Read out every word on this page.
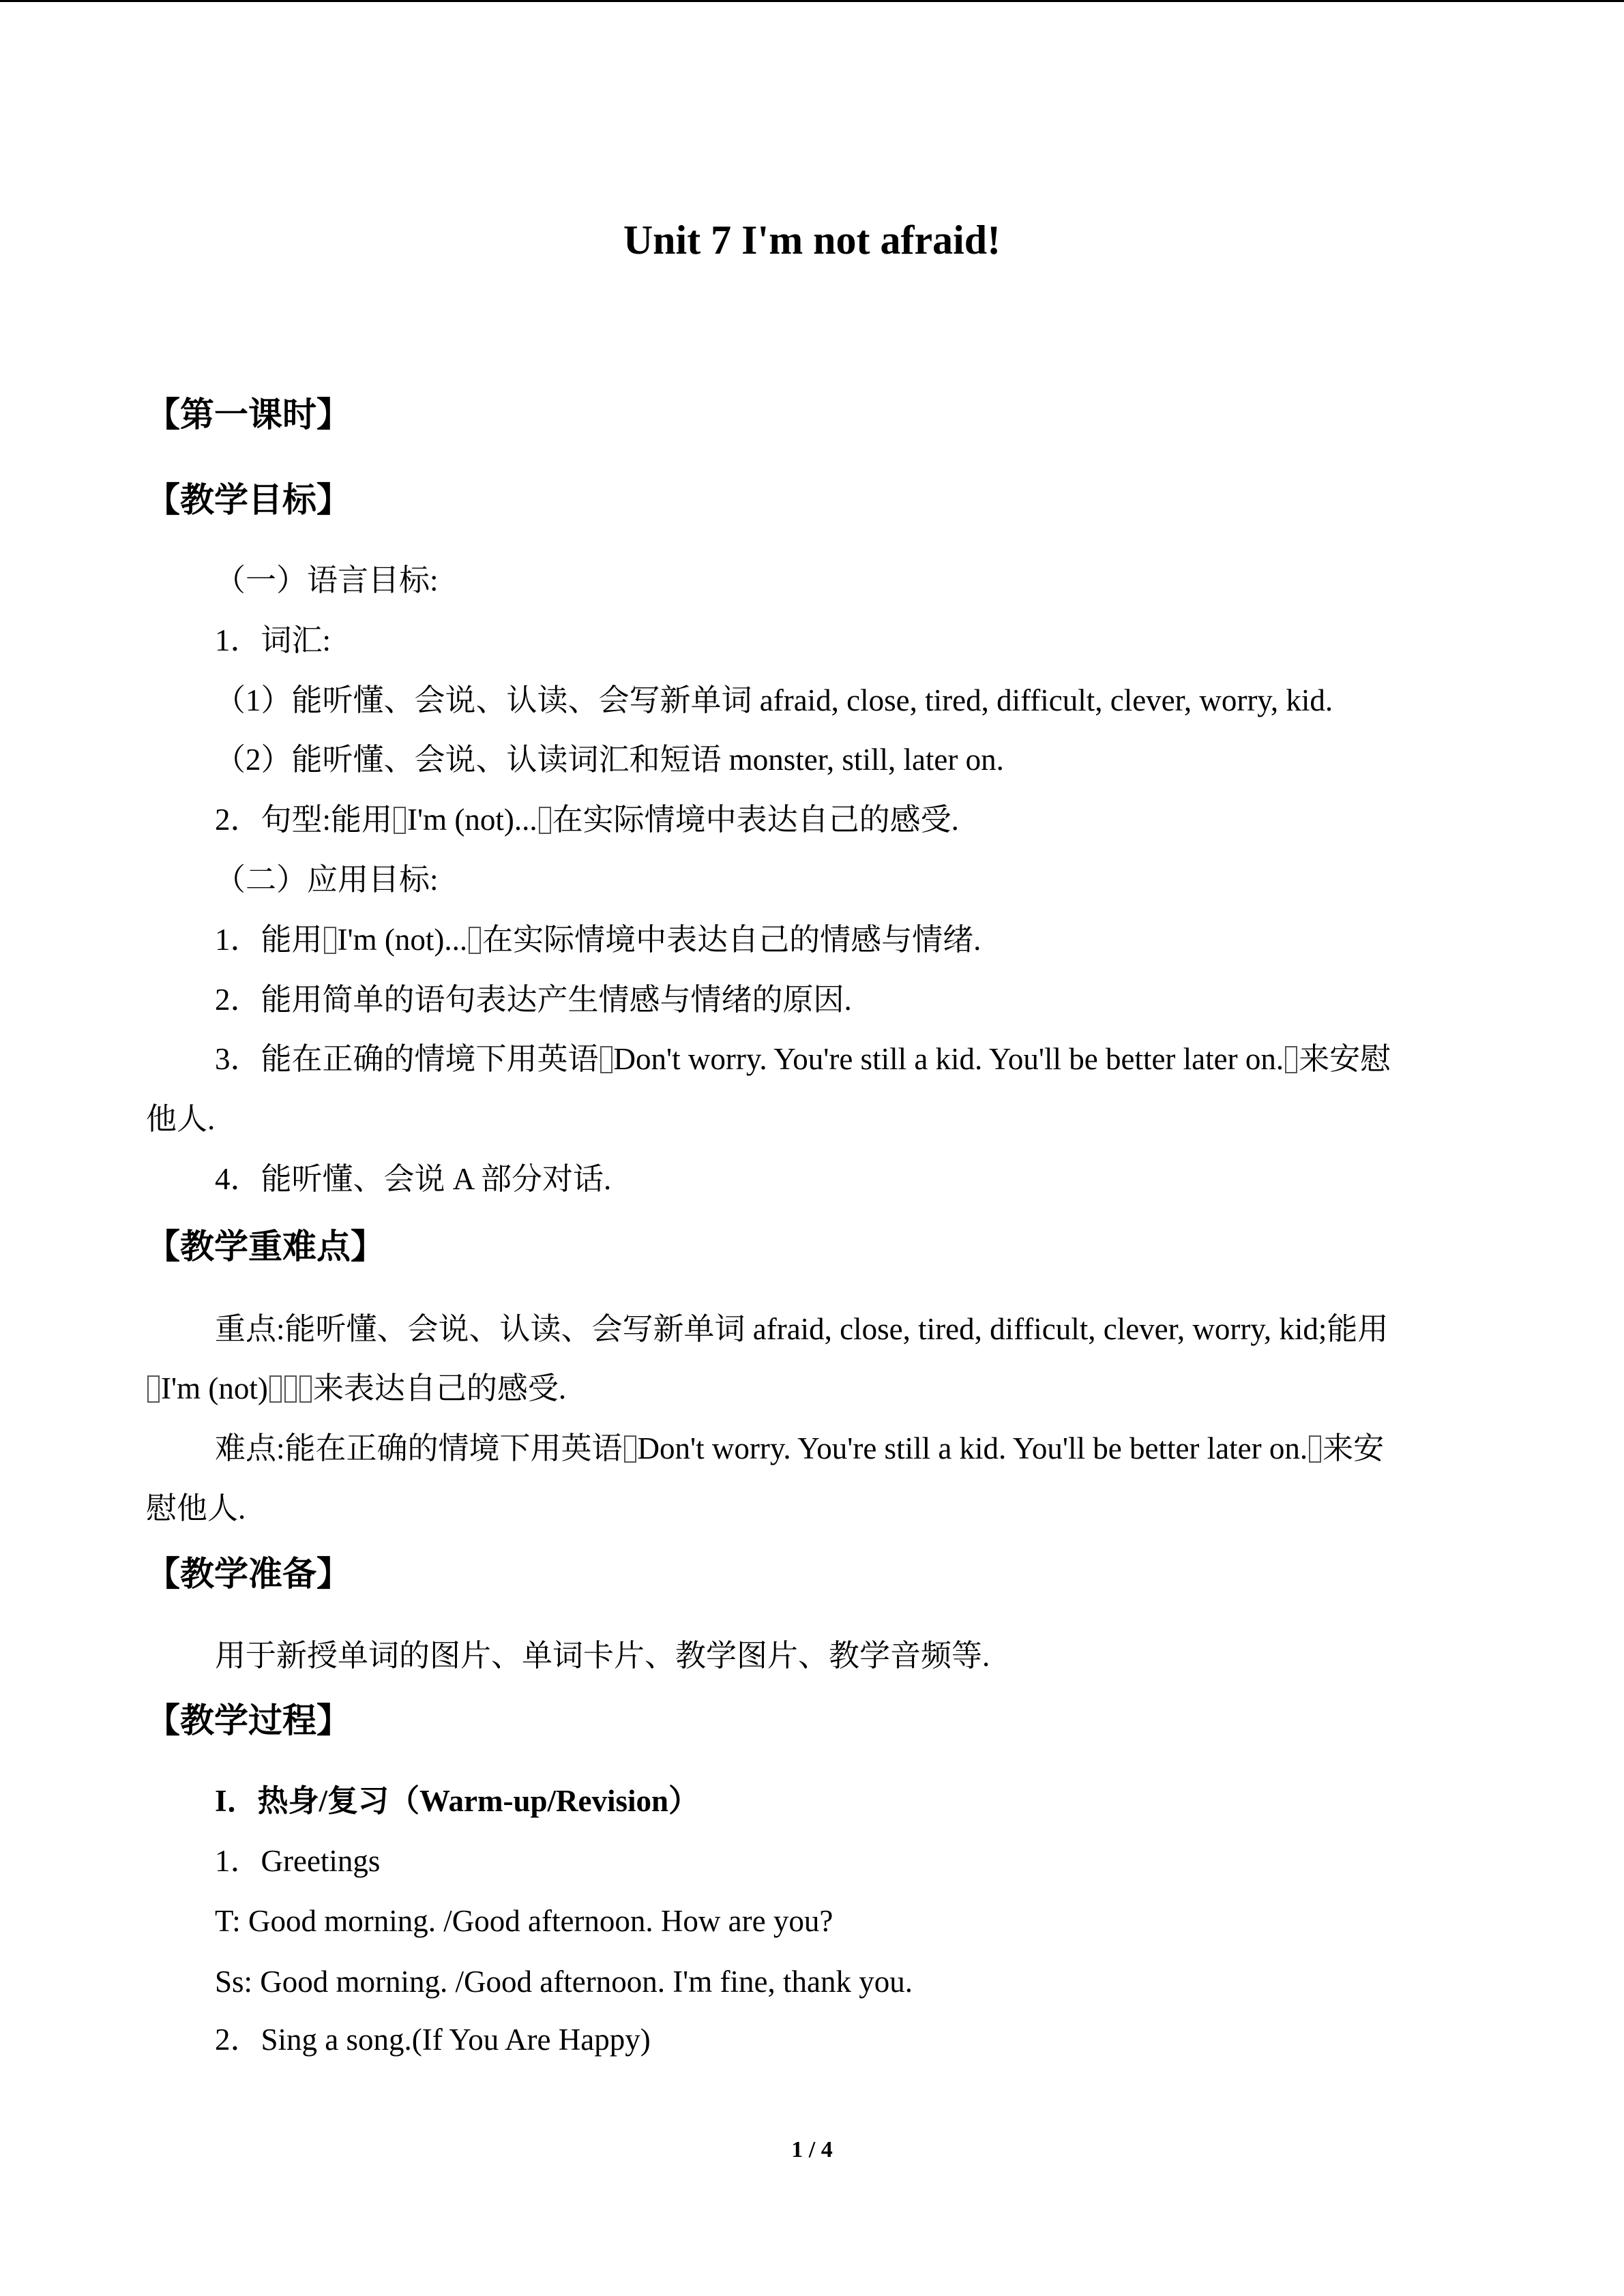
Unit 7 I'm not afraid!
【第一课时】
【教学目标】
（一）语言目标:
1．词汇:
（1）能听懂、会说、认读、会写新单词 afraid, close, tired, difficult, clever, worry, kid.
（2）能听懂、会说、认读词汇和短语 monster, still, later on.
2．句型:能用 I'm (not)... 在实际情境中表达自己的感受.
（二）应用目标:
1．能用 I'm (not)... 在实际情境中表达自己的情感与情绪.
2．能用简单的语句表达产生情感与情绪的原因.
3．能在正确的情境下用英语 Don't worry. You're still a kid. You'll be better later on. 来安慰
他人.
4．能听懂、会说 A 部分对话.
【教学重难点】
重点:能听懂、会说、认读、会写新单词 afraid, close, tired, difficult, clever, worry, kid;能用
I'm (not) 来表达自己的感受.
难点:能在正确的情境下用英语 Don't worry. You're still a kid. You'll be better later on. 来安
慰他人.
【教学准备】
用于新授单词的图片、单词卡片、教学图片、教学音频等.
【教学过程】
I．热身/复习（Warm-up/Revision）
1．Greetings
T: Good morning. /Good afternoon. How are you?
Ss: Good morning. /Good afternoon. I'm fine, thank you.
2．Sing a song.(If You Are Happy)
1 / 4
